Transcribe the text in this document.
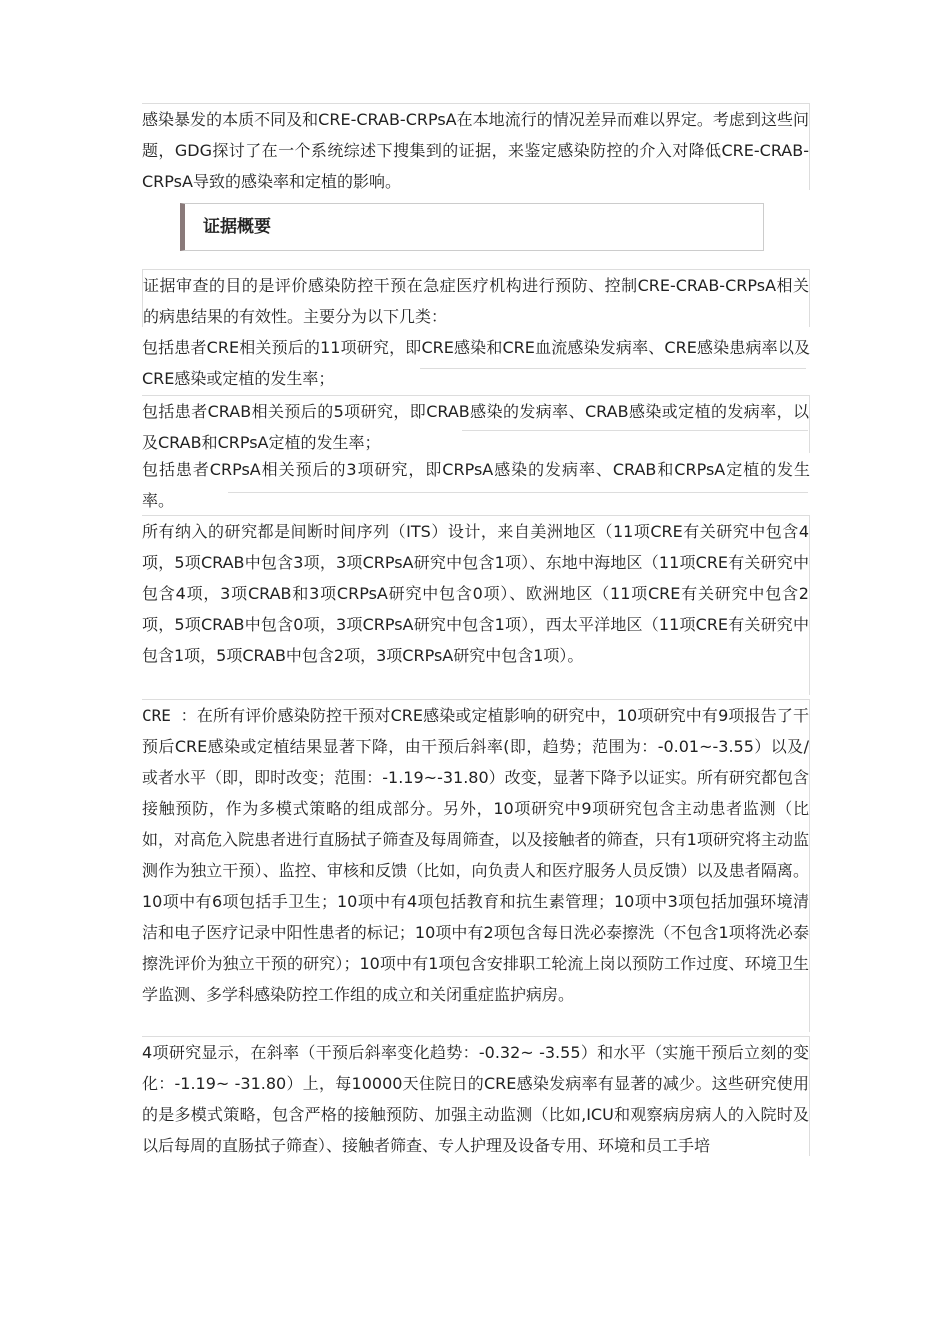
感染暴发的本质不同及和CRE-CRAB-CRPsA在本地流行的情况差异而难以界定。考虑到这些问题，GDG探讨了在一个系统综述下搜集到的证据，来鉴定感染防控的介入对降低CRE-CRAB-CRPsA导致的感染率和定植的影响。

证据概要

证据审查的目的是评价感染防控干预在急症医疗机构进行预防、控制CRE-CRAB-CRPsA相关的病患结果的有效性。主要分为以下几类：

包括患者CRE相关预后的11项研究，即CRE感染和CRE血流感染发病率、CRE感染患病率以及CRE感染或定植的发生率；

包括患者CRAB相关预后的5项研究，即CRAB感染的发病率、CRAB感染或定植的发病率，以及CRAB和CRPsA定植的发生率；

包括患者CRPsA相关预后的3项研究，即CRPsA感染的发病率、CRAB和CRPsA定植的发生率。

所有纳入的研究都是间断时间序列（ITS）设计，来自美洲地区（11项CRE有关研究中包含4项，5项CRAB中包含3项，3项CRPsA研究中包含1项）、东地中海地区（11项CRE有关研究中包含4项，3项CRAB和3项CRPsA研究中包含0项）、欧洲地区（11项CRE有关研究中包含2项，5项CRAB中包含0项，3项CRPsA研究中包含1项），西太平洋地区（11项CRE有关研究中包含1项，5项CRAB中包含2项，3项CRPsA研究中包含1项）。

CRE ：在所有评价感染防控干预对CRE感染或定植影响的研究中，10项研究中有9项报告了干预后CRE感染或定植结果显著下降，由干预后斜率(即，趋势；范围为：-0.01~-3.55）以及/或者水平（即，即时改变；范围：-1.19~-31.80）改变，显著下降予以证实。所有研究都包含接触预防，作为多模式策略的组成部分。另外，10项研究中9项研究包含主动患者监测（比如，对高危入院患者进行直肠拭子筛查及每周筛查，以及接触者的筛查，只有1项研究将主动监测作为独立干预）、监控、审核和反馈（比如，向负责人和医疗服务人员反馈）以及患者隔离。10项中有6项包括手卫生；10项中有4项包括教育和抗生素管理；10项中3项包括加强环境清洁和电子医疗记录中阳性患者的标记；10项中有2项包含每日洗必泰擦洗（不包含1项将洗必泰擦洗评价为独立干预的研究）；10项中有1项包含安排职工轮流上岗以预防工作过度、环境卫生学监测、多学科感染防控工作组的成立和关闭重症监护病房。

4项研究显示，在斜率（干预后斜率变化趋势：-0.32~ -3.55）和水平（实施干预后立刻的变化：-1.19~ -31.80）上，每10000天住院日的CRE感染发病率有显著的减少。这些研究使用的是多模式策略，包含严格的接触预防、加强主动监测（比如,ICU和观察病房病人的入院时及以后每周的直肠拭子筛查）、接触者筛查、专人护理及设备专用、环境和员工手培
